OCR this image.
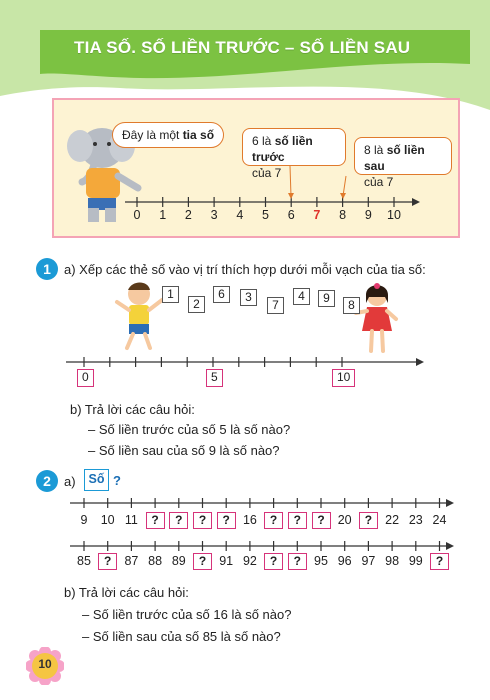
TIA SỐ. SỐ LIỀN TRƯỚC – SỐ LIỀN SAU
Đây là một tia số	6 là số liền trước
của 7
8 là số liền sau
của 7
0	1	2	3	4	5	6	7	8	9	10
1	a) Xếp các thẻ số vào vị trí thích hợp dưới mỗi vạch của tia số:
1
2
6	3
7
4	9	8
0	5	10
b) Trả lời các câu hỏi:
– Số liền trước của số 5 là số nào?
– Số liền sau của số 9 là số nào?
2	a)	Số ?
9	10 11	?	?	?	?	16	?	?	?	20	?	22 23 24
85	?	87 88 89	?	91 92	?	?	95 96 97 98 99	?
b) Trả lời các câu hỏi:
– Số liền trước của số 16 là số nào?
– Số liền sau của số 85 là số nào?
10
